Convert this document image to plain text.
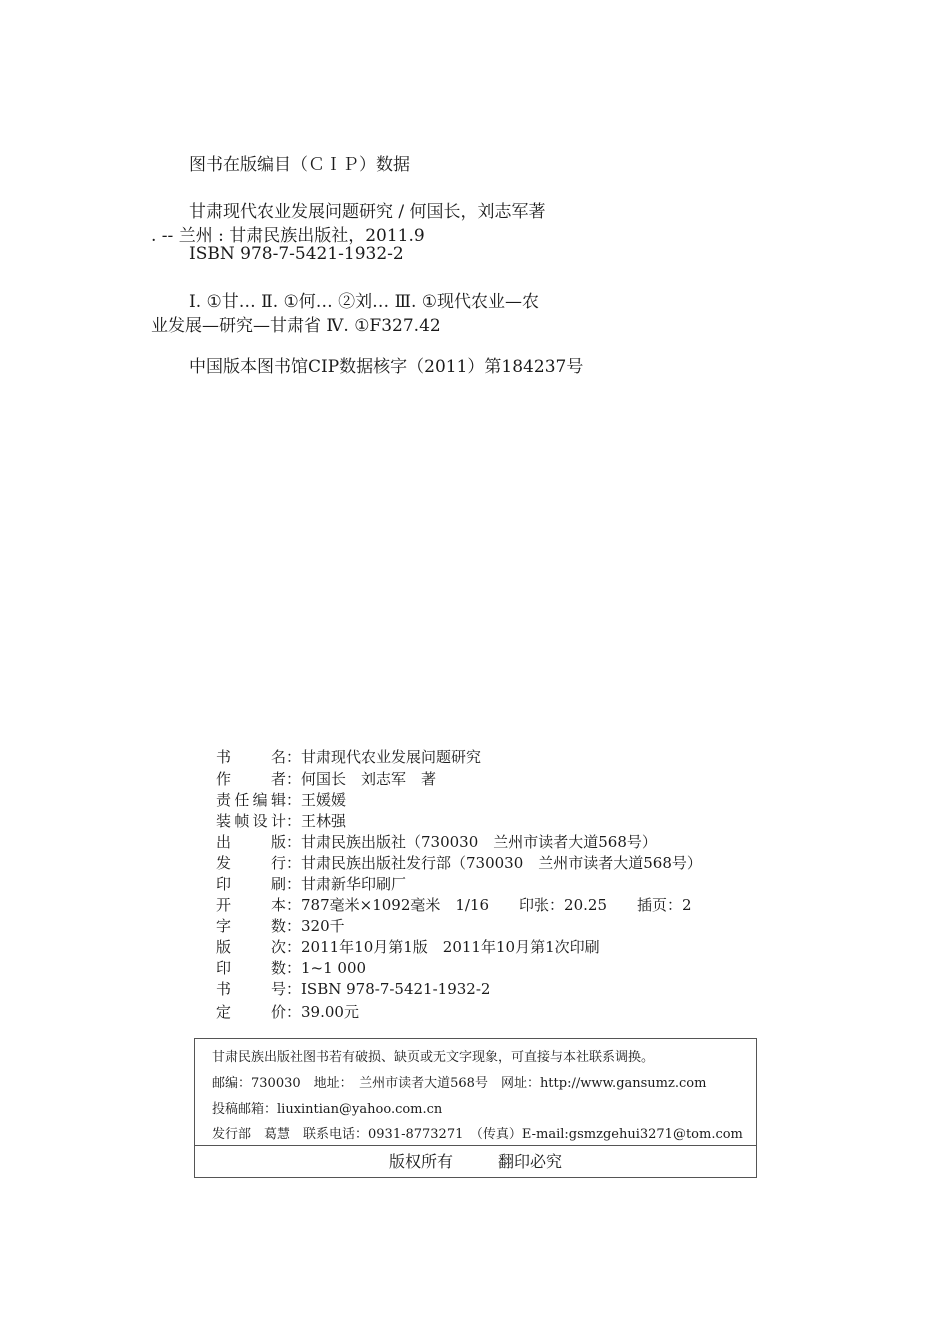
图书在版编目（ＣＩＰ）数据
甘肃现代农业发展问题研究 / 何国长，刘志军著
. -- 兰州 : 甘肃民族出版社，2011.9
ISBN 978-7-5421-1932-2
Ⅰ. ①甘… Ⅱ. ①何… ②刘… Ⅲ. ①现代农业—农
业发展—研究—甘肃省 Ⅳ. ①F327.42
中国版本图书馆CIP数据核字（2011）第184237号
书名：甘肃现代农业发展问题研究
作者：何国长　刘志军　著
责任编辑：王媛媛
装帧设计：王林强
出版：甘肃民族出版社（730030　兰州市读者大道568号）
发行：甘肃民族出版社发行部（730030　兰州市读者大道568号）
印刷：甘肃新华印刷厂
开本：787毫米×1092毫米　1/16　　印张：20.25　　插页：2
字数：320千
版次：2011年10月第1版　2011年10月第1次印刷
印数：1~1 000
书号：ISBN 978-7-5421-1932-2
定价：39.00元
甘肃民族出版社图书若有破损、缺页或无文字现象，可直接与本社联系调换。
邮编：730030　地址：　兰州市读者大道568号　网址：http://www.gansumz.com
投稿邮箱：liuxintian@yahoo.com.cn
发行部　葛慧　联系电话：0931-8773271　（传真）E-mail:gsmzgehui3271@tom.com
版权所有	翻印必究
